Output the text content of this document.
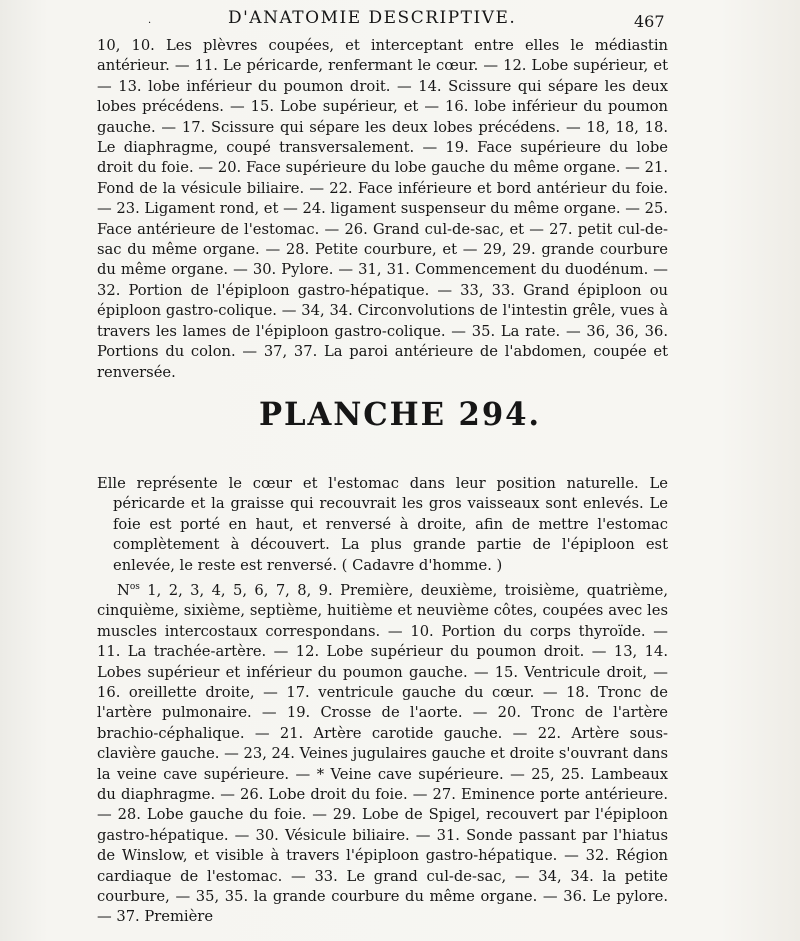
·	D'ANATOMIE DESCRIPTIVE.	467

10, 10. Les plèvres coupées, et interceptant entre elles le médiastin antérieur. — 11. Le péricarde, renfermant le cœur. — 12. Lobe supérieur, et — 13. lobe inférieur du poumon droit. — 14. Scissure qui sépare les deux lobes précédens. — 15. Lobe supérieur, et — 16. lobe inférieur du poumon gauche. — 17. Scissure qui sépare les deux lobes précédens. — 18, 18, 18. Le diaphragme, coupé transversalement. — 19. Face supérieure du lobe droit du foie. — 20. Face supérieure du lobe gauche du même organe. — 21. Fond de la vésicule biliaire. — 22. Face inférieure et bord antérieur du foie. — 23. Ligament rond, et — 24. ligament suspenseur du même organe. — 25. Face antérieure de l'estomac. — 26. Grand cul-de-sac, et — 27. petit cul-de-sac du même organe. — 28. Petite courbure, et — 29, 29. grande courbure du même organe. — 30. Pylore. — 31, 31. Commencement du duodénum. — 32. Portion de l'épiploon gastro-hépatique. — 33, 33. Grand épiploon ou épiploon gastro-colique. — 34, 34. Circonvolutions de l'intestin grêle, vues à travers les lames de l'épiploon gastro-colique. — 35. La rate. — 36, 36, 36. Portions du colon. — 37, 37. La paroi antérieure de l'abdomen, coupée et renversée.

PLANCHE 294.

Elle représente le cœur et l'estomac dans leur position naturelle. Le péricarde et la graisse qui recouvrait les gros vaisseaux sont enlevés. Le foie est porté en haut, et renversé à droite, afin de mettre l'estomac complètement à découvert. La plus grande partie de l'épiploon est enlevée, le reste est renversé. ( Cadavre d'homme. )

$N^{os}$ 1, 2, 3, 4, 5, 6, 7, 8, 9. Première, deuxième, troisième, quatrième, cinquième, sixième, septième, huitième et neuvième côtes, coupées avec les muscles intercostaux correspondans. — 10. Portion du corps thyroïde. — 11. La trachée-artère. — 12. Lobe supérieur du poumon droit. — 13, 14. Lobes supérieur et inférieur du poumon gauche. — 15. Ventricule droit, — 16. oreillette droite, — 17. ventricule gauche du cœur. — 18. Tronc de l'artère pulmonaire. — 19. Crosse de l'aorte. — 20. Tronc de l'artère brachio-céphalique. — 21. Artère carotide gauche. — 22. Artère sous-clavière gauche. — 23, 24. Veines jugulaires gauche et droite s'ouvrant dans la veine cave supérieure. — * Veine cave supérieure. — 25, 25. Lambeaux du diaphragme. — 26. Lobe droit du foie. — 27. Eminence porte antérieure. — 28. Lobe gauche du foie. — 29. Lobe de Spigel, recouvert par l'épiploon gastro-hépatique. — 30. Vésicule biliaire. — 31. Sonde passant par l'hiatus de Winslow, et visible à travers l'épiploon gastro-hépatique. — 32. Région cardiaque de l'estomac. — 33. Le grand cul-de-sac, — 34, 34. la petite courbure, — 35, 35. la grande courbure du même organe. — 36. Le pylore. — 37. Première
